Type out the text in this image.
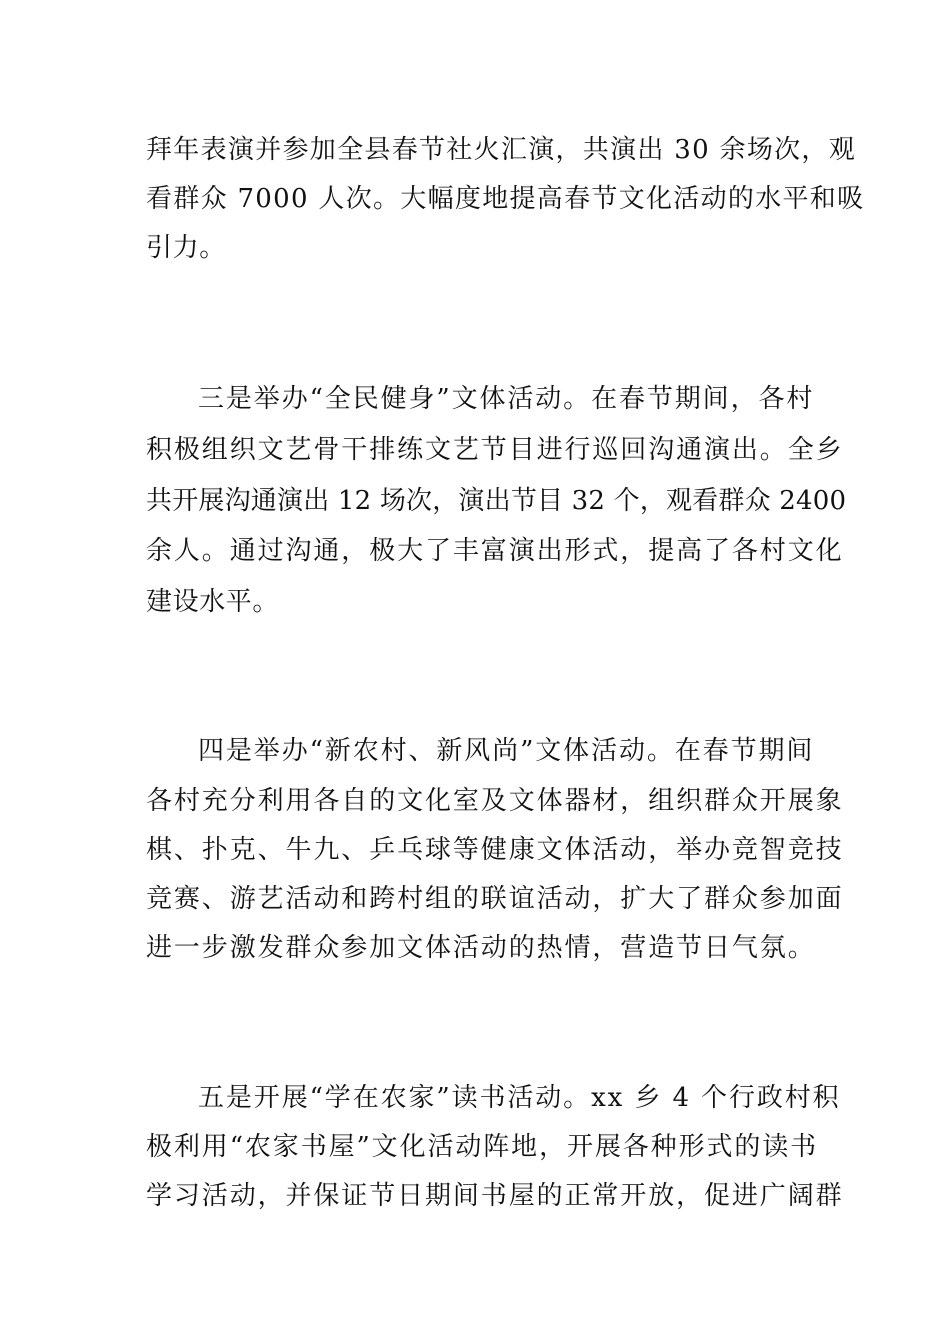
拜年表演并参加全县春节社火汇演，共演出 30 余场次，观
看群众 7000 人次。大幅度地提高春节文化活动的水平和吸
引力。
三是举办“全民健身”文体活动。在春节期间，各村
积极组织文艺骨干排练文艺节目进行巡回沟通演出。全乡
共开展沟通演出 12 场次，演出节目 32 个，观看群众 2400
余人。通过沟通，极大了丰富演出形式，提高了各村文化
建设水平。
四是举办“新农村、新风尚”文体活动。在春节期间
各村充分利用各自的文化室及文体器材，组织群众开展象
棋、扑克、牛九、乒乓球等健康文体活动，举办竞智竞技
竞赛、游艺活动和跨村组的联谊活动，扩大了群众参加面
进一步激发群众参加文体活动的热情，营造节日气氛。
五是开展“学在农家”读书活动。xx 乡 4 个行政村积
极利用“农家书屋”文化活动阵地，开展各种形式的读书
学习活动，并保证节日期间书屋的正常开放，促进广阔群
